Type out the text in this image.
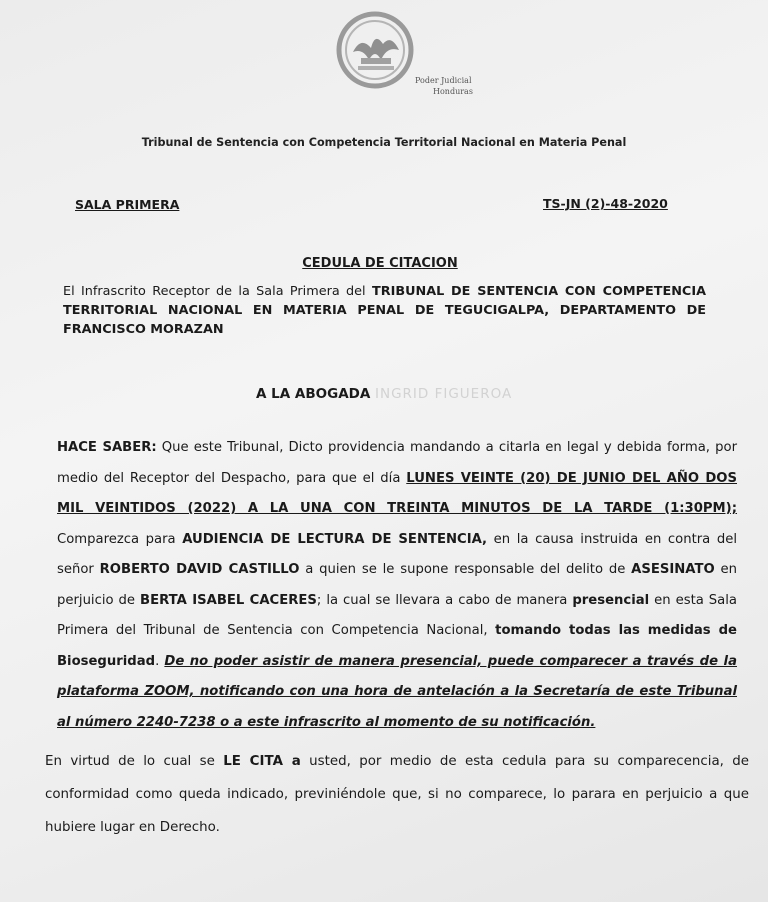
Poder Judicial
Honduras
Tribunal de Sentencia con Competencia Territorial Nacional en Materia Penal
SALA PRIMERA	TS-JN (2)-48-2020
CEDULA DE CITACION
El Infrascrito Receptor de la Sala Primera del TRIBUNAL DE SENTENCIA CON COMPETENCIA TERRITORIAL NACIONAL EN MATERIA PENAL DE TEGUCIGALPA, DEPARTAMENTO DE FRANCISCO MORAZAN
A LA ABOGADA INGRID FIGUEROA
HACE SABER: Que este Tribunal, Dicto providencia mandando a citarla en legal y debida forma, por medio del Receptor del Despacho, para que el día LUNES VEINTE (20) DE JUNIO DEL AÑO DOS MIL VEINTIDOS (2022) A LA UNA CON TREINTA MINUTOS DE LA TARDE (1:30PM); Comparezca para AUDIENCIA DE LECTURA DE SENTENCIA, en la causa instruida en contra del señor ROBERTO DAVID CASTILLO a quien se le supone responsable del delito de ASESINATO en perjuicio de BERTA ISABEL CACERES; la cual se llevara a cabo de manera presencial en esta Sala Primera del Tribunal de Sentencia con Competencia Nacional, tomando todas las medidas de Bioseguridad. De no poder asistir de manera presencial, puede comparecer a través de la plataforma ZOOM, notificando con una hora de antelación a la Secretaría de este Tribunal al número 2240-7238 o a este infrascrito al momento de su notificación.
En virtud de lo cual se LE CITA a usted, por medio de esta cedula para su comparecencia, de conformidad como queda indicado, previniéndole que, si no comparece, lo parara en perjuicio a que hubiere lugar en Derecho.
